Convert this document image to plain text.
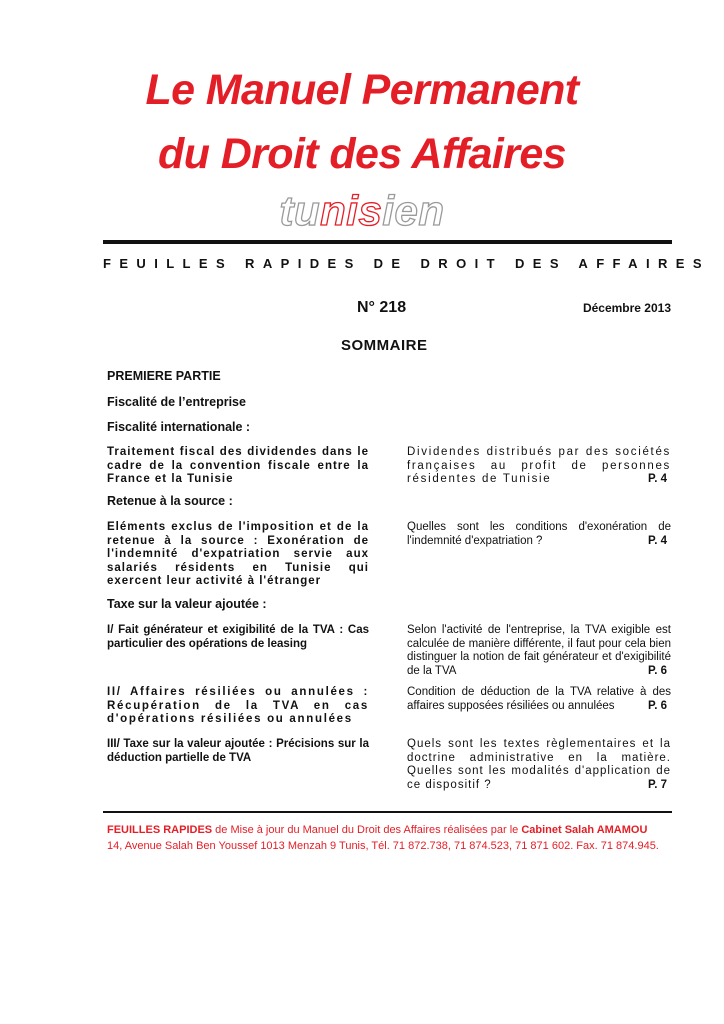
Le Manuel Permanent
du Droit des Affaires
tunisien
FEUILLES RAPIDES DE DROIT DES AFFAIRES
N° 218	Décembre 2013
SOMMAIRE
PREMIERE PARTIE
Fiscalité de l’entreprise
Fiscalité internationale :
Traitement fiscal des dividendes dans le cadre de la convention fiscale entre la France et la Tunisie
Dividendes distribués par des sociétés françaises au profit de personnes résidentes de Tunisie	P. 4
Retenue à la source :
Eléments exclus de l'imposition et de la retenue à la source : Exonération de l'indemnité d'expatriation servie aux salariés résidents en Tunisie qui exercent leur activité à l'étranger
Quelles sont les conditions d'exonération de l'indemnité d'expatriation ?	P. 4
Taxe sur la valeur ajoutée :
I/ Fait générateur et exigibilité de la TVA : Cas particulier des opérations de leasing
Selon l'activité de l'entreprise, la TVA exigible est calculée de manière différente, il faut pour cela bien distinguer la notion de fait générateur et d'exigibilité de la TVA	P. 6
II/ Affaires résiliées ou annulées : Récupération de la TVA en cas d'opérations résiliées ou annulées
Condition de déduction de la TVA relative à des affaires supposées résiliées ou annulées	P. 6
III/ Taxe sur la valeur ajoutée : Précisions sur la déduction partielle de TVA
Quels sont les textes règlementaires et la doctrine administrative en la matière. Quelles sont les modalités d'application de ce dispositif ?	P. 7
FEUILLES RAPIDES de Mise à jour du Manuel du Droit des Affaires réalisées par le Cabinet Salah AMAMOU
14, Avenue Salah Ben Youssef 1013 Menzah 9 Tunis, Tél. 71 872.738, 71 874.523, 71 871 602. Fax. 71 874.945.
